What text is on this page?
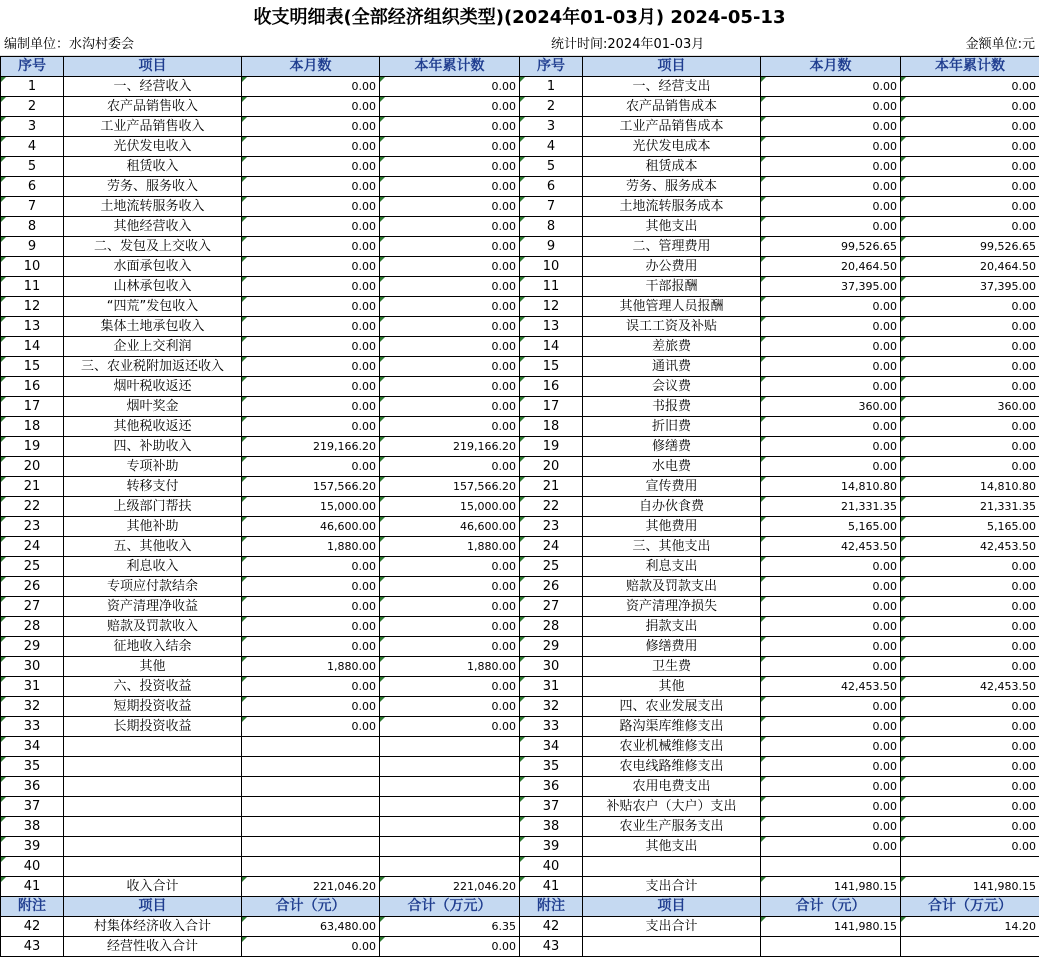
收支明细表(全部经济组织类型)(2024年01-03月) 2024-05-13
编制单位：水沟村委会	统计时间:2024年01-03月	金额单位:元
序号	项目	本月数	本年累计数	序号	项目	本月数	本年累计数
1	一、经营收入	0.00	0.00	1	一、经营支出	0.00	0.00
2	农产品销售收入	0.00	0.00	2	农产品销售成本	0.00	0.00
3	工业产品销售收入	0.00	0.00	3	工业产品销售成本	0.00	0.00
4	光伏发电收入	0.00	0.00	4	光伏发电成本	0.00	0.00
5	租赁收入	0.00	0.00	5	租赁成本	0.00	0.00
6	劳务、服务收入	0.00	0.00	6	劳务、服务成本	0.00	0.00
7	土地流转服务收入	0.00	0.00	7	土地流转服务成本	0.00	0.00
8	其他经营收入	0.00	0.00	8	其他支出	0.00	0.00
9	二、发包及上交收入	0.00	0.00	9	二、管理费用	99,526.65	99,526.65
10	水面承包收入	0.00	0.00	10	办公费用	20,464.50	20,464.50
11	山林承包收入	0.00	0.00	11	干部报酬	37,395.00	37,395.00
12	“四荒”发包收入	0.00	0.00	12	其他管理人员报酬	0.00	0.00
13	集体土地承包收入	0.00	0.00	13	误工工资及补贴	0.00	0.00
14	企业上交利润	0.00	0.00	14	差旅费	0.00	0.00
15	三、农业税附加返还收入	0.00	0.00	15	通讯费	0.00	0.00
16	烟叶税收返还	0.00	0.00	16	会议费	0.00	0.00
17	烟叶奖金	0.00	0.00	17	书报费	360.00	360.00
18	其他税收返还	0.00	0.00	18	折旧费	0.00	0.00
19	四、补助收入	219,166.20	219,166.20	19	修缮费	0.00	0.00
20	专项补助	0.00	0.00	20	水电费	0.00	0.00
21	转移支付	157,566.20	157,566.20	21	宣传费用	14,810.80	14,810.80
22	上级部门帮扶	15,000.00	15,000.00	22	自办伙食费	21,331.35	21,331.35
23	其他补助	46,600.00	46,600.00	23	其他费用	5,165.00	5,165.00
24	五、其他收入	1,880.00	1,880.00	24	三、其他支出	42,453.50	42,453.50
25	利息收入	0.00	0.00	25	利息支出	0.00	0.00
26	专项应付款结余	0.00	0.00	26	赔款及罚款支出	0.00	0.00
27	资产清理净收益	0.00	0.00	27	资产清理净损失	0.00	0.00
28	赔款及罚款收入	0.00	0.00	28	捐款支出	0.00	0.00
29	征地收入结余	0.00	0.00	29	修缮费用	0.00	0.00
30	其他	1,880.00	1,880.00	30	卫生费	0.00	0.00
31	六、投资收益	0.00	0.00	31	其他	42,453.50	42,453.50
32	短期投资收益	0.00	0.00	32	四、农业发展支出	0.00	0.00
33	长期投资收益	0.00	0.00	33	路沟渠库维修支出	0.00	0.00
34				34	农业机械维修支出	0.00	0.00
35				35	农电线路维修支出	0.00	0.00
36				36	农用电费支出	0.00	0.00
37				37	补贴农户（大户）支出	0.00	0.00
38				38	农业生产服务支出	0.00	0.00
39				39	其他支出	0.00	0.00
40				40			
41	收入合计	221,046.20	221,046.20	41	支出合计	141,980.15	141,980.15
附注	项目	合计（元）	合计（万元）	附注	项目	合计（元）	合计（万元）
42	村集体经济收入合计	63,480.00	6.35	42	支出合计	141,980.15	14.20
43	经营性收入合计	0.00	0.00	43			
